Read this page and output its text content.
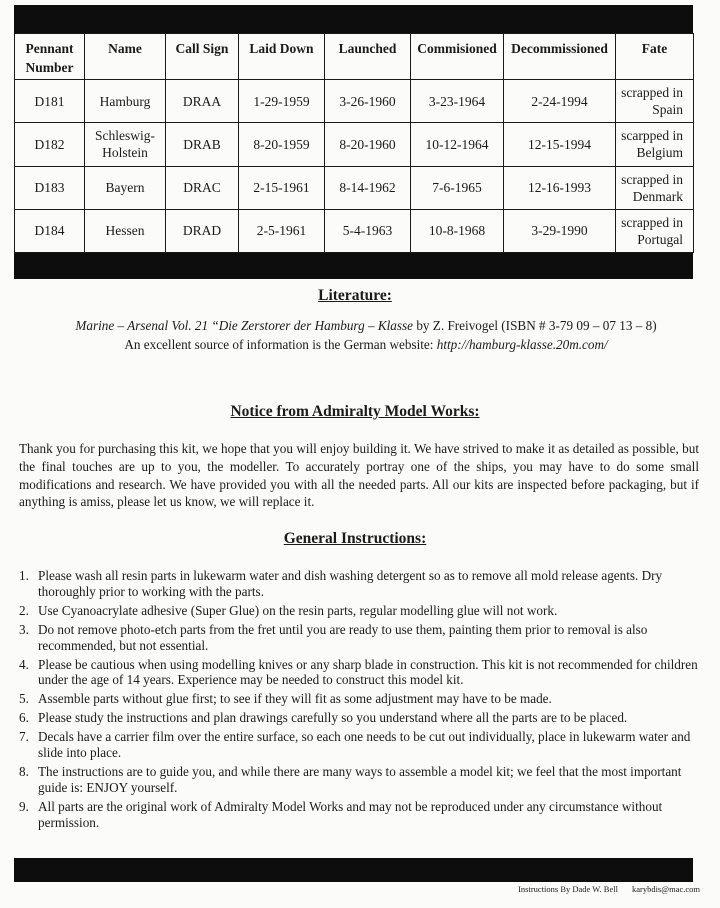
Pennant Number	Name	Call Sign	Laid Down	Launched	Commisioned	Decommissioned	Fate
D181	Hamburg	DRAA	1-29-1959	3-26-1960	3-23-1964	2-24-1994	scrapped in Spain
D182	Schleswig-Holstein	DRAB	8-20-1959	8-20-1960	10-12-1964	12-15-1994	scarpped in Belgium
D183	Bayern	DRAC	2-15-1961	8-14-1962	7-6-1965	12-16-1993	scrapped in Denmark
D184	Hessen	DRAD	2-5-1961	5-4-1963	10-8-1968	3-29-1990	scrapped in Portugal
Literature:
Marine – Arsenal Vol. 21 “Die Zerstorer der Hamburg – Klasse by Z. Freivogel (ISBN # 3-79 09 – 07 13 – 8)
An excellent source of information is the German website: http://hamburg-klasse.20m.com/
Notice from Admiralty Model Works:
Thank you for purchasing this kit, we hope that you will enjoy building it. We have strived to make it as detailed as possible, but the final touches are up to you, the modeller. To accurately portray one of the ships, you may have to do some small modifications and research. We have provided you with all the needed parts. All our kits are inspected before packaging, but if anything is amiss, please let us know, we will replace it.
General Instructions:
1. Please wash all resin parts in lukewarm water and dish washing detergent so as to remove all mold release agents. Dry thoroughly prior to working with the parts.
2. Use Cyanoacrylate adhesive (Super Glue) on the resin parts, regular modelling glue will not work.
3. Do not remove photo-etch parts from the fret until you are ready to use them, painting them prior to removal is also recommended, but not essential.
4. Please be cautious when using modelling knives or any sharp blade in construction. This kit is not recommended for children under the age of 14 years. Experience may be needed to construct this model kit.
5. Assemble parts without glue first; to see if they will fit as some adjustment may have to be made.
6. Please study the instructions and plan drawings carefully so you understand where all the parts are to be placed.
7. Decals have a carrier film over the entire surface, so each one needs to be cut out individually, place in lukewarm water and slide into place.
8. The instructions are to guide you, and while there are many ways to assemble a model kit; we feel that the most important guide is: ENJOY yourself.
9. All parts are the original work of Admiralty Model Works and may not be reproduced under any circumstance without permission.
Instructions By Dade W. Bell karybdis@mac.com
